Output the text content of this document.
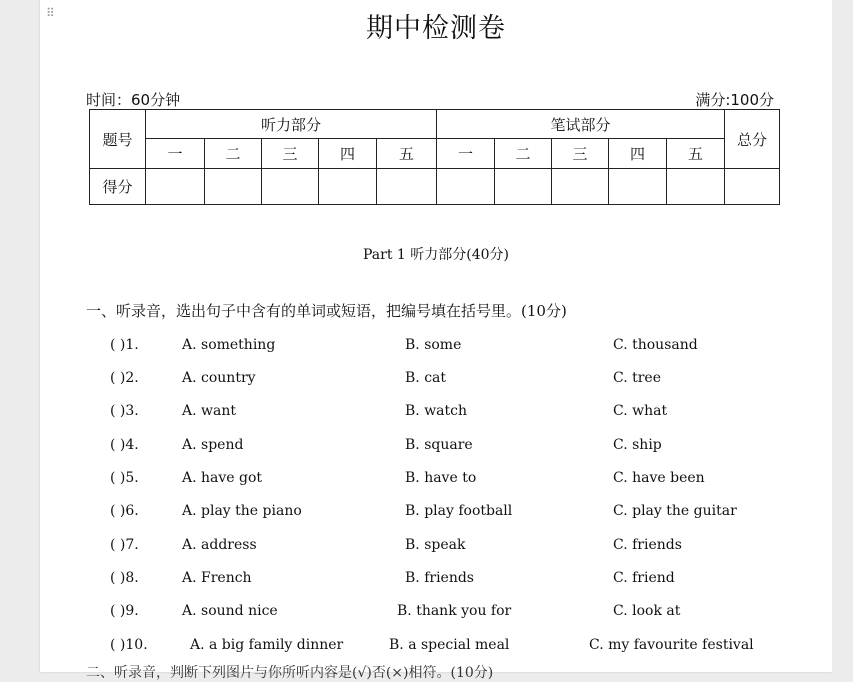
⠿	期中检测卷
时间：60分钟	满分:100分
题号	听力部分					笔试部分					总分
	一	二	三	四	五	一	二	三	四	五	
得分											
Part 1 听力部分(40分)
一、听录音，选出句子中含有的单词或短语，把编号填在括号里。(10分)
( )1.	A. something	B. some	C. thousand
( )2.	A. country	B. cat	C. tree
( )3.	A. want	B. watch	C. what
( )4.	A. spend	B. square	C. ship
( )5.	A. have got	B. have to	C. have been
( )6.	A. play the piano	B. play football	C. play the guitar
( )7.	A. address	B. speak	C. friends
( )8.	A. French	B. friends	C. friend
( )9.	A. sound nice	B. thank you for	C. look at
( )10.	A. a big family dinner	B. a special meal	C. my favourite festival
二、听录音，判断下列图片与你所听内容是(√)否(×)相符。(10分)
